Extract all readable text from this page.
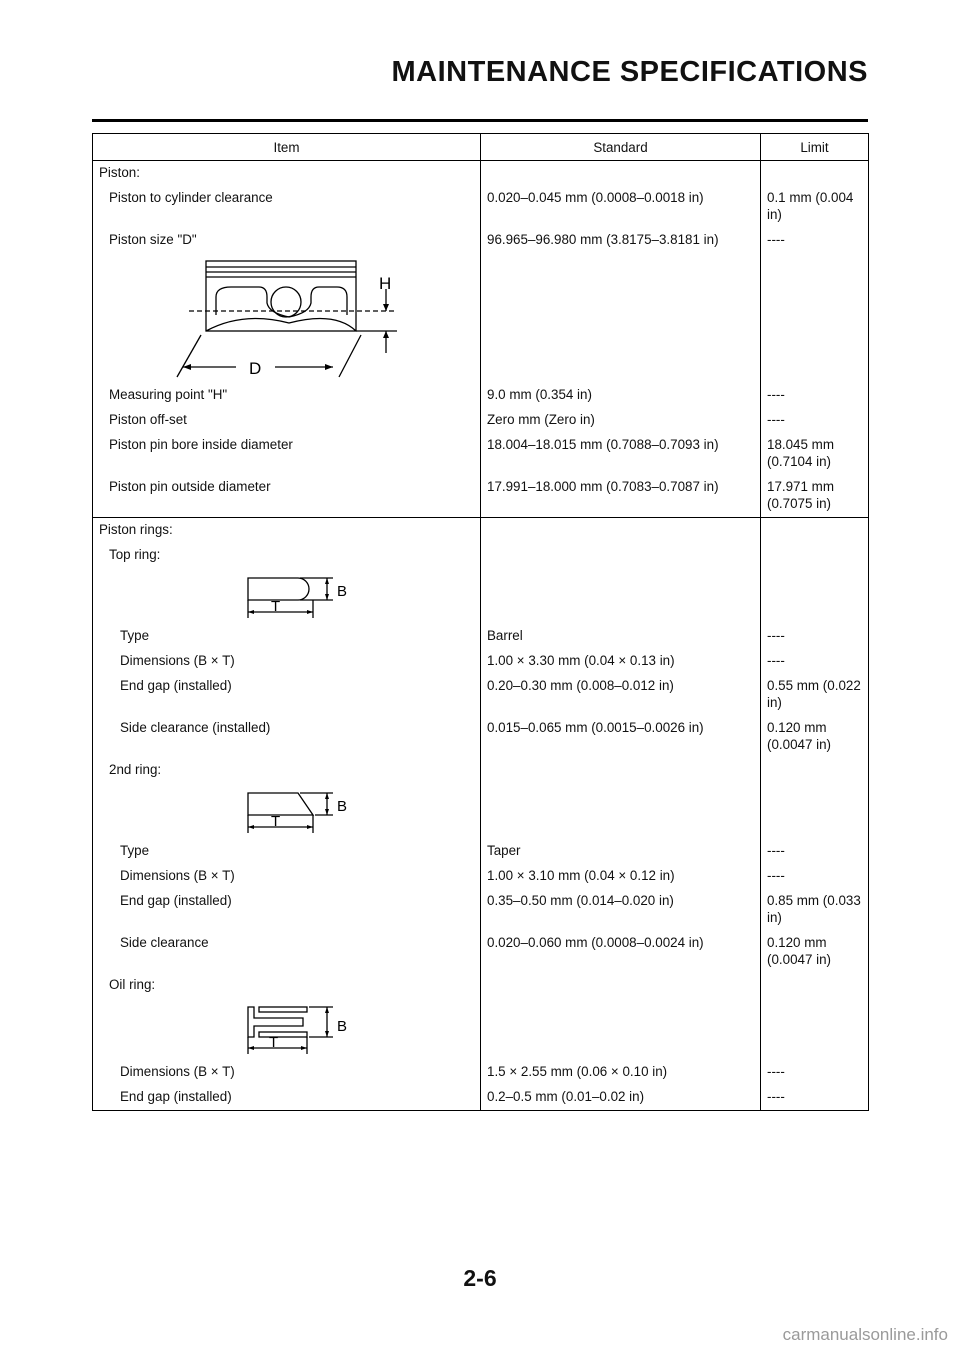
MAINTENANCE SPECIFICATIONS
Item	Standard	Limit
Piston:		
Piston to cylinder clearance	0.020–0.045 mm (0.0008–0.0018 in)	0.1 mm (0.004 in)
Piston size "D"	96.965–96.980 mm (3.8175–3.8181 in)	----

H
D		

Measuring point "H"	9.0 mm (0.354 in)	----
Piston off-set	Zero mm (Zero in)	----
Piston pin bore inside diameter	18.004–18.015 mm (0.7088–0.7093 in)	18.045 mm (0.7104 in)
Piston pin outside diameter	17.991–18.000 mm (0.7083–0.7087 in)	17.971 mm (0.7075 in)
Piston rings:		
Top ring:		

B
T		

Type	Barrel	----
Dimensions (B × T)	1.00 × 3.30 mm (0.04 × 0.13 in)	----
End gap (installed)	0.20–0.30 mm (0.008–0.012 in)	0.55 mm (0.022 in)
Side clearance (installed)	0.015–0.065 mm (0.0015–0.0026 in)	0.120 mm (0.0047 in)
2nd ring:		

B
T		

Type	Taper	----
Dimensions (B × T)	1.00 × 3.10 mm (0.04 × 0.12 in)	----
End gap (installed)	0.35–0.50 mm (0.014–0.020 in)	0.85 mm (0.033 in)
Side clearance	0.020–0.060 mm (0.0008–0.0024 in)	0.120 mm (0.0047 in)
Oil ring:		

B
T		

Dimensions (B × T)	1.5 × 2.55 mm (0.06 × 0.10 in)	----
End gap (installed)	0.2–0.5 mm (0.01–0.02 in)	----

2-6

carmanualsonline.info
